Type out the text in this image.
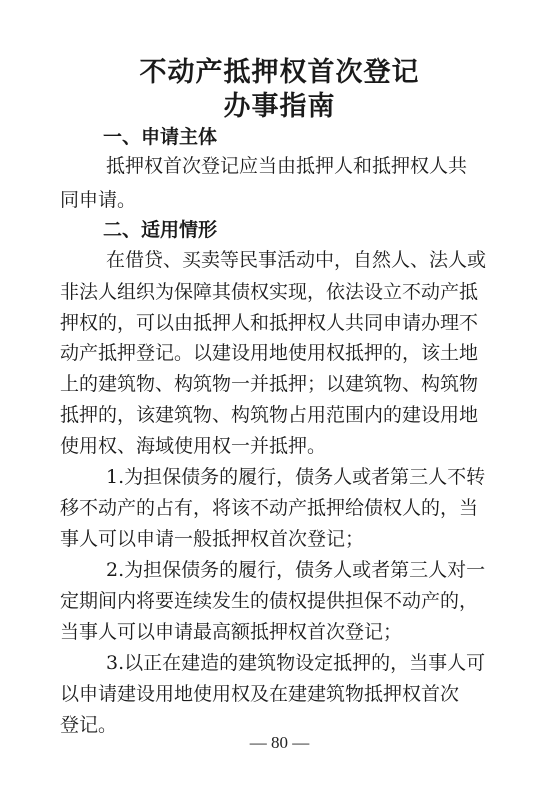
不动产抵押权首次登记
办事指南
一、申请主体
抵押权首次登记应当由抵押人和抵押权人共
同申请。
二、适用情形
在借贷、买卖等民事活动中，自然人、法人或
非法人组织为保障其债权实现，依法设立不动产抵
押权的，可以由抵押人和抵押权人共同申请办理不
动产抵押登记。以建设用地使用权抵押的，该土地
上的建筑物、构筑物一并抵押；以建筑物、构筑物
抵押的，该建筑物、构筑物占用范围内的建设用地
使用权、海域使用权一并抵押。
1.为担保债务的履行，债务人或者第三人不转
移不动产的占有，将该不动产抵押给债权人的，当
事人可以申请一般抵押权首次登记；
2.为担保债务的履行，债务人或者第三人对一
定期间内将要连续发生的债权提供担保不动产的，
当事人可以申请最高额抵押权首次登记；
3.以正在建造的建筑物设定抵押的，当事人可
以申请建设用地使用权及在建建筑物抵押权首次
登记。
— 80 —
